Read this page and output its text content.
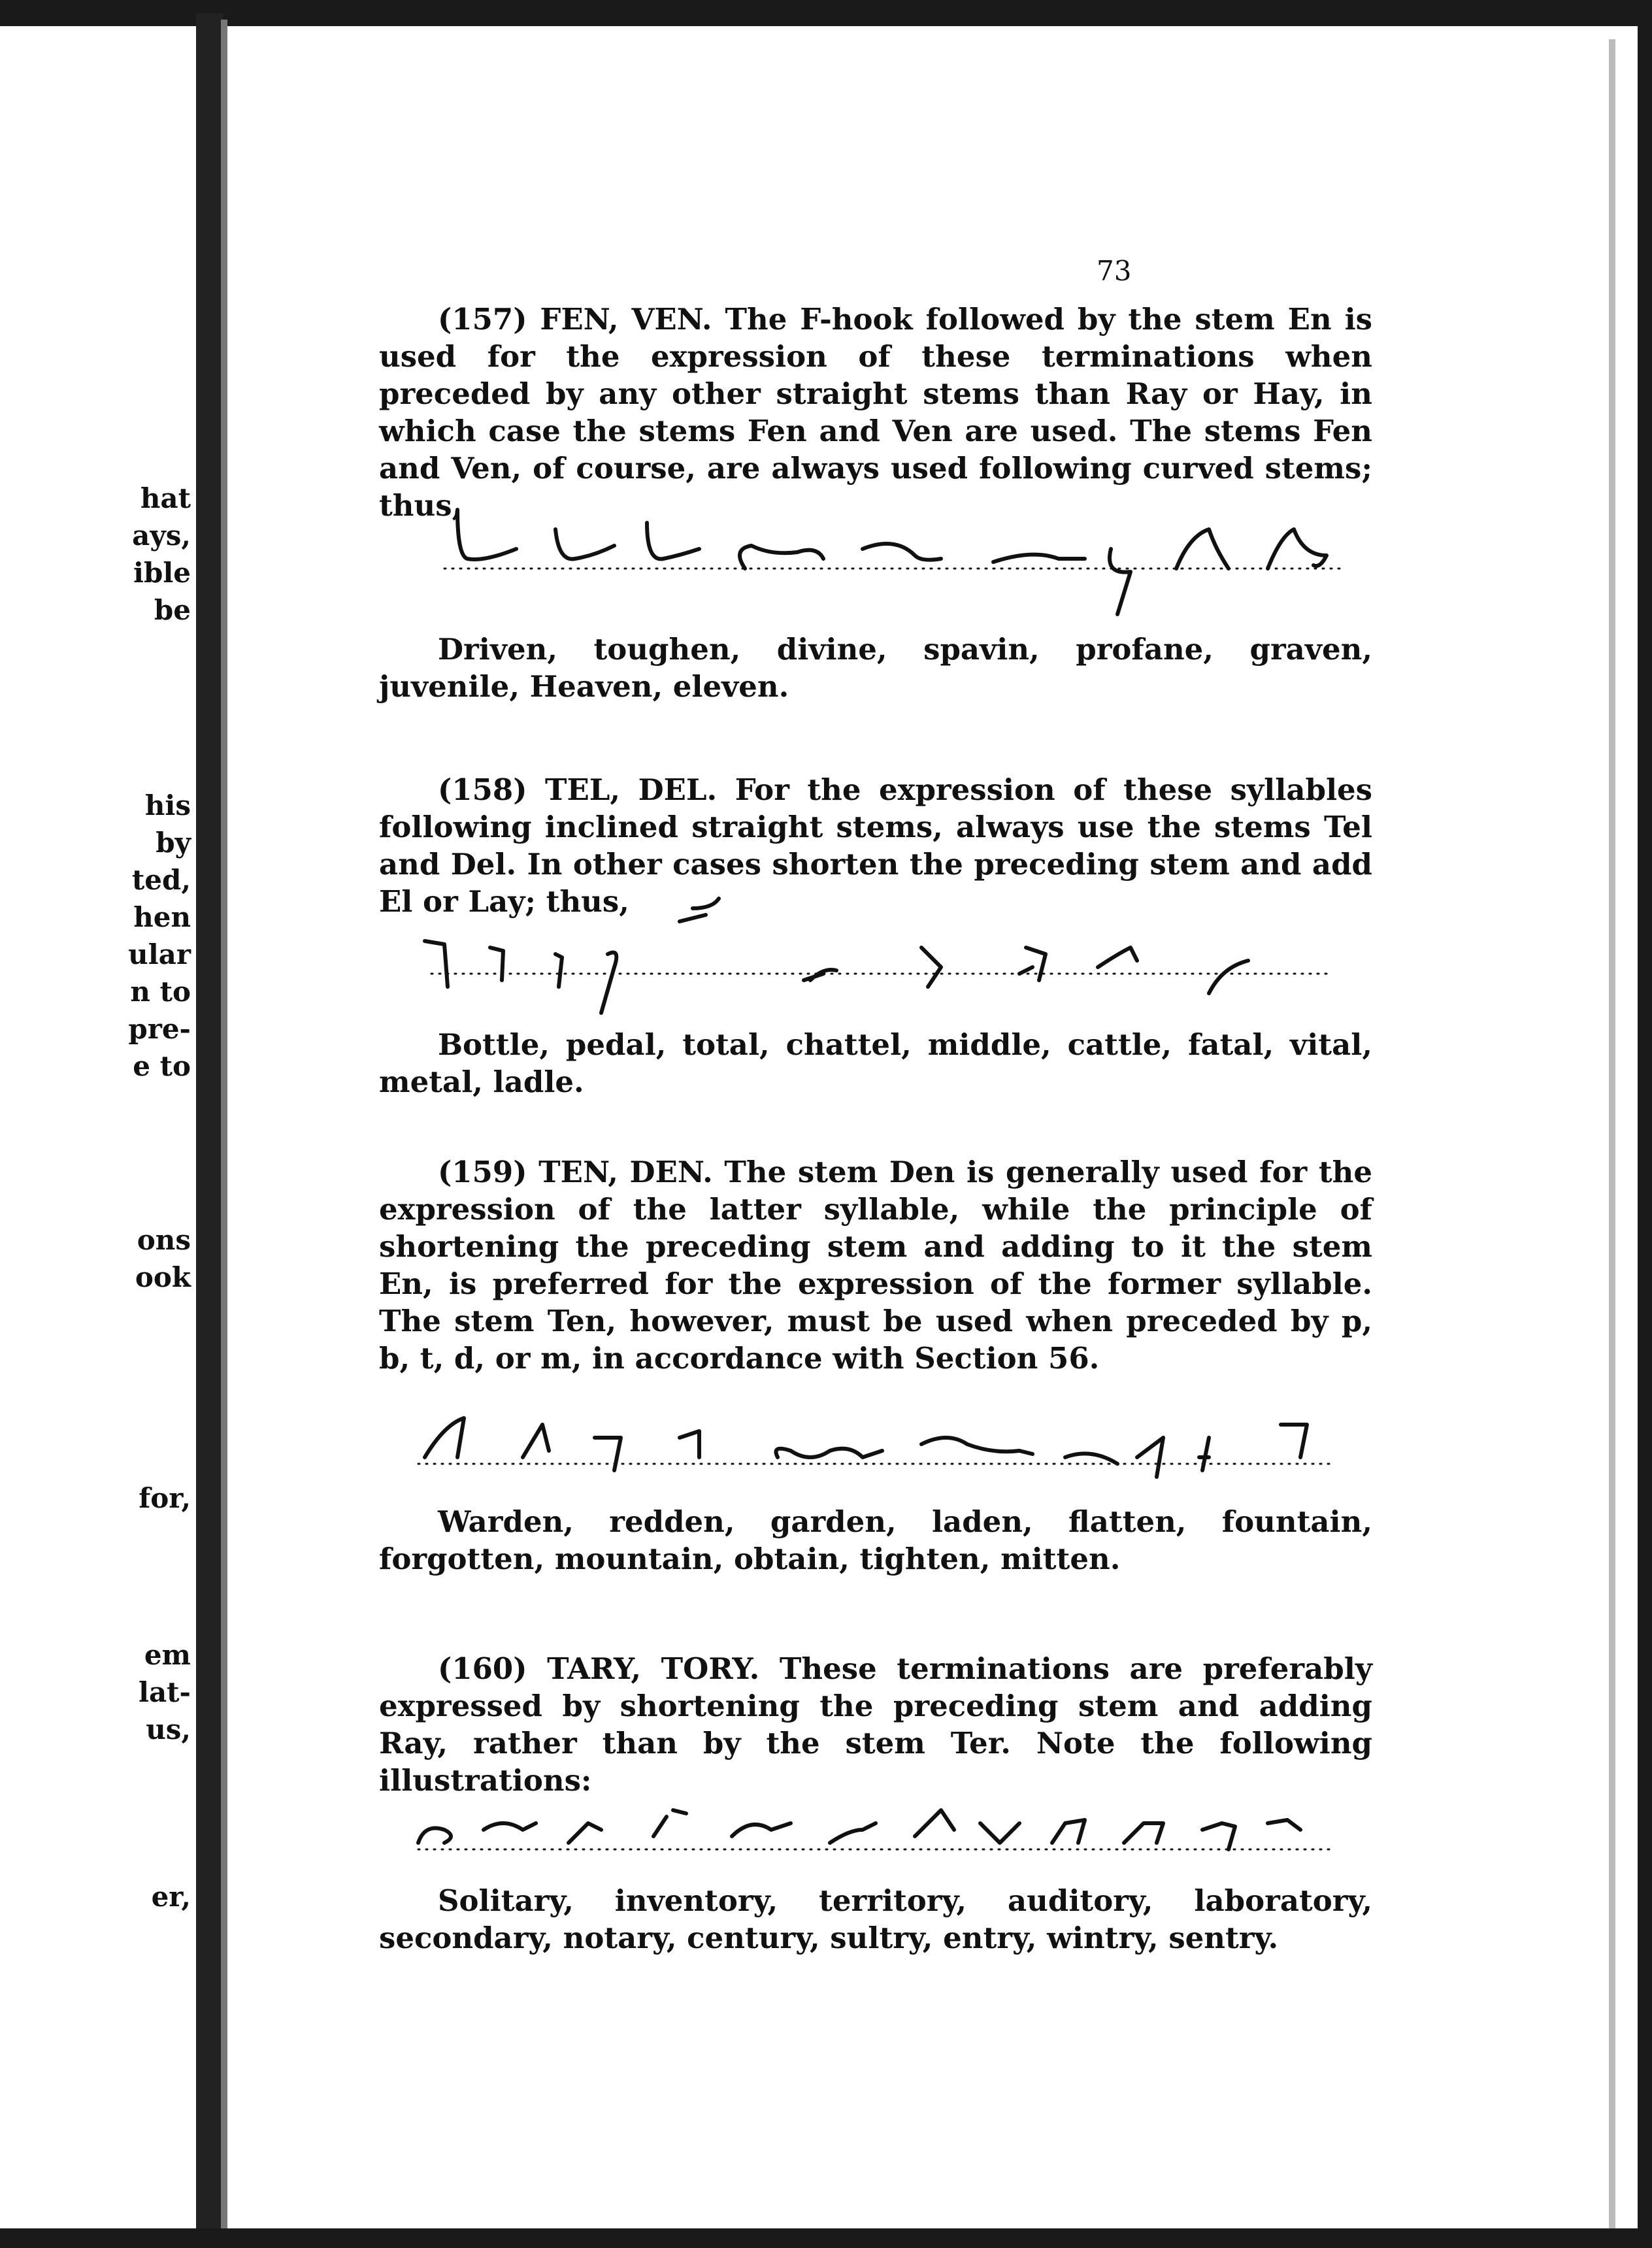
hat
ays,
ible
be
his
by
ted,
hen
ular
n to
pre-
e to
ons
ook
for,
em
lat-
us,
er,
73

(157) FEN, VEN. The F-hook followed by the stem En is used for the expression of these terminations when preceded by any other straight stems than Ray or Hay, in which case the stems Fen and Ven are used. The stems Fen and Ven, of course, are always used following curved stems; thus,

Driven, toughen, divine, spavin, profane, graven, juvenile, Heaven, eleven.

(158) TEL, DEL. For the expression of these syllables following inclined straight stems, always use the stems Tel and Del. In other cases shorten the preceding stem and add El or Lay; thus,

Bottle, pedal, total, chattel, middle, cattle, fatal, vital, metal, ladle.

(159) TEN, DEN. The stem Den is generally used for the expression of the latter syllable, while the principle of shortening the preceding stem and adding to it the stem En, is preferred for the expression of the former syllable. The stem Ten, however, must be used when preceded by p, b, t, d, or m, in accordance with Section 56.

Warden, redden, garden, laden, flatten, fountain, forgotten, mountain, obtain, tighten, mitten.

(160) TARY, TORY. These terminations are preferably expressed by shortening the preceding stem and adding Ray, rather than by the stem Ter. Note the following illustrations:

Solitary, inventory, territory, auditory, laboratory, secondary, notary, century, sultry, entry, wintry, sentry.
